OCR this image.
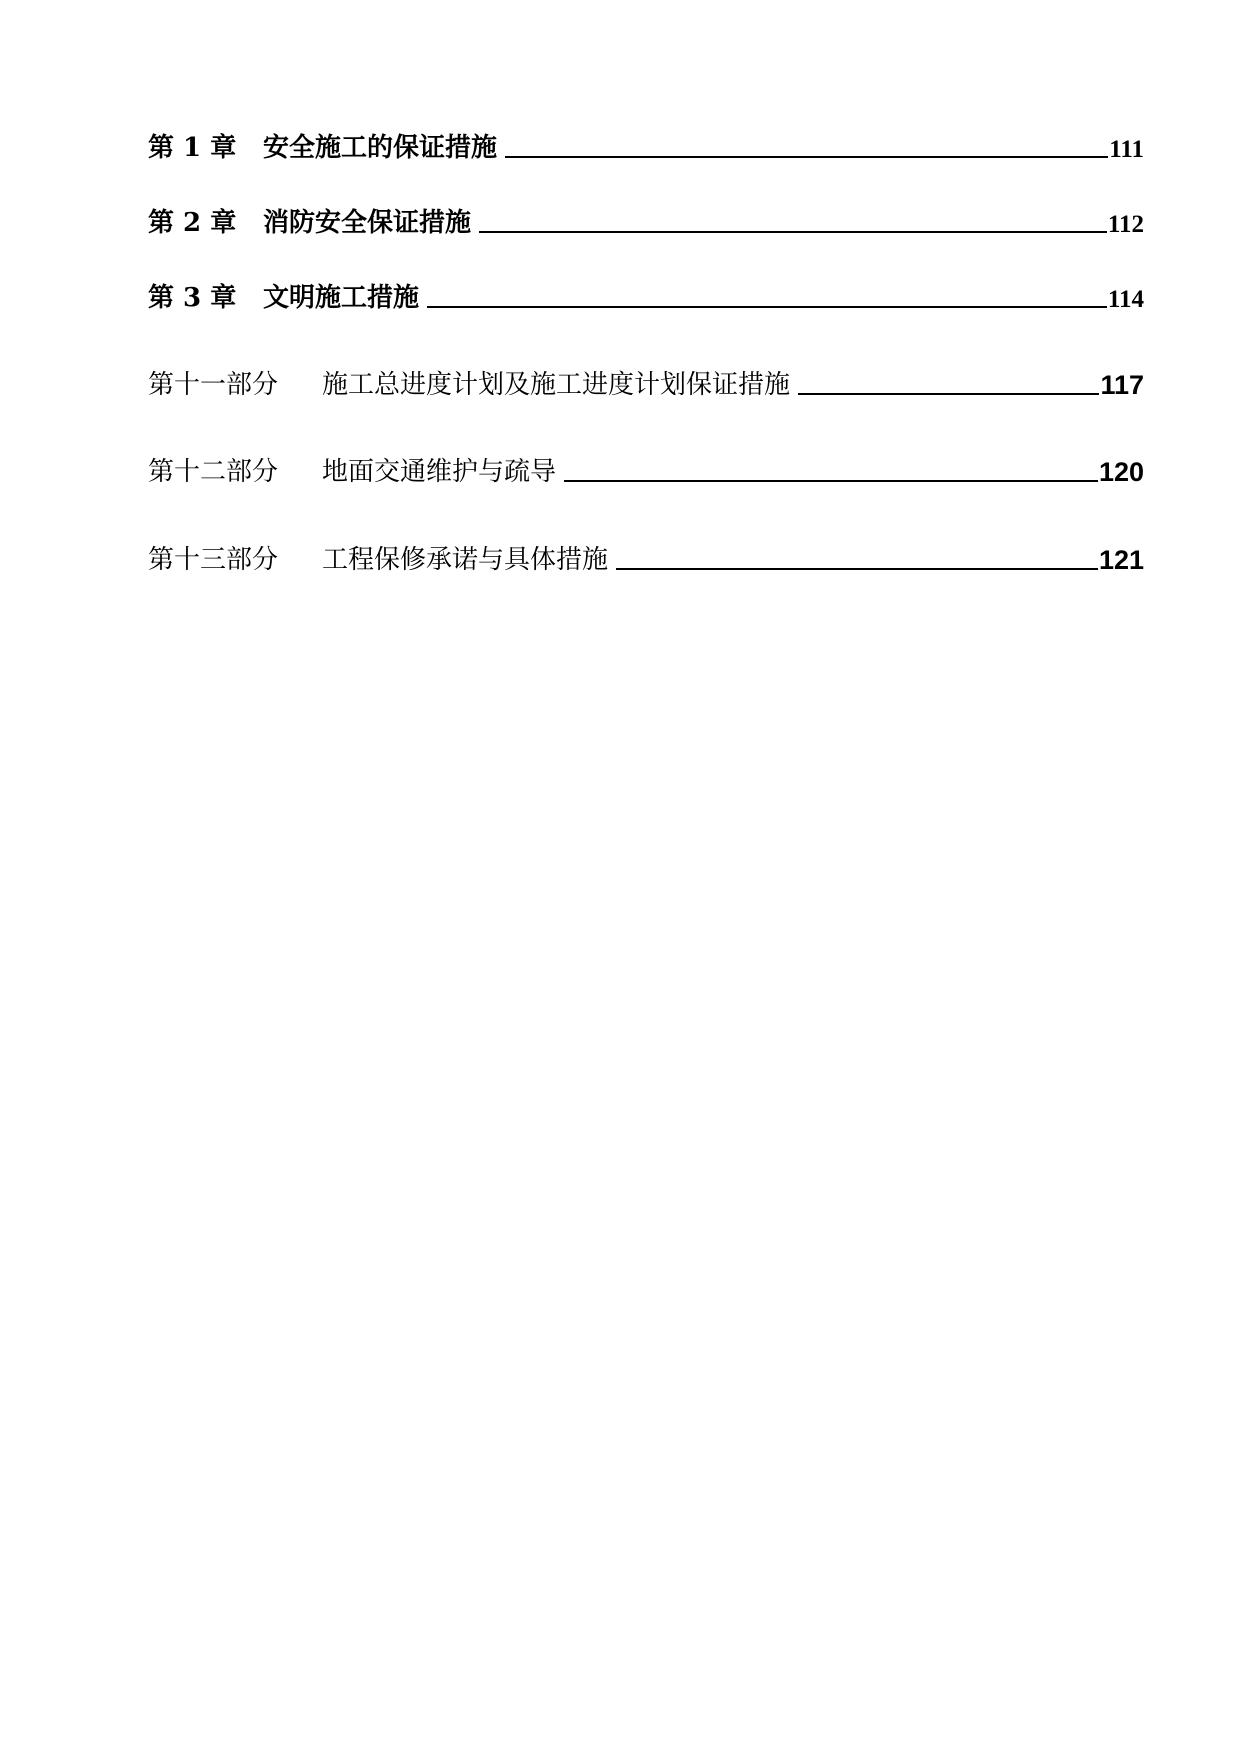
第 1 章	安全施工的保证措施	111
第 2 章	消防安全保证措施	112
第 3 章	文明施工措施	114
第十一部分	施工总进度计划及施工进度计划保证措施	117
第十二部分	地面交通维护与疏导	120
第十三部分	工程保修承诺与具体措施	121
